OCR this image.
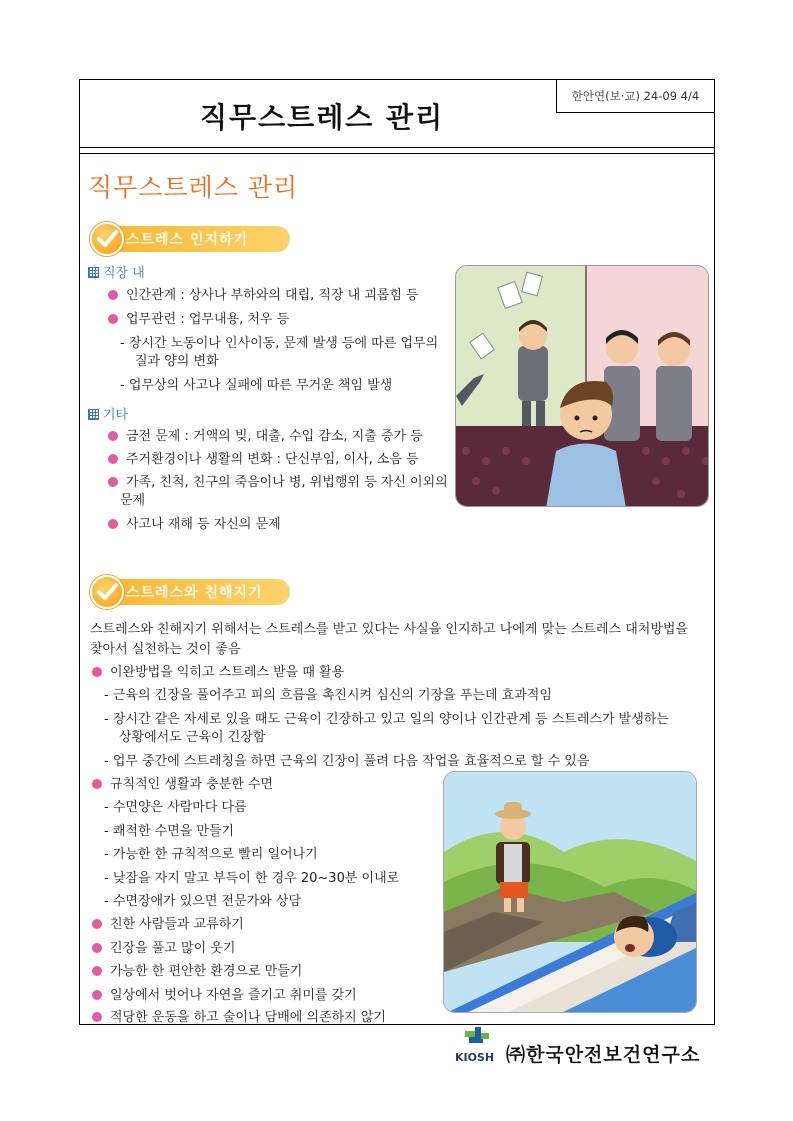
직무스트레스 관리
한안연(보·교) 24-09 4/4
직무스트레스 관리
스트레스 인지하기
직장 내
인간관계 : 상사나 부하와의 대립, 직장 내 괴롭힘 등
업무관련 : 업무내용, 처우 등
- 장시간 노동이나 인사이동, 문제 발생 등에 따른 업무의
질과 양의 변화
- 업무상의 사고나 실패에 따른 무거운 책임 발생
기타
금전 문제 : 거액의 빚, 대출, 수입 감소, 지출 증가 등
주거환경이나 생활의 변화 : 단신부임, 이사, 소음 등
가족, 친척, 친구의 죽음이나 병, 위법행위 등 자신 이외의
문제
사고나 재해 등 자신의 문제
스트레스와 친해지기
스트레스와 친해지기 위해서는 스트레스를 받고 있다는 사실을 인지하고 나에게 맞는 스트레스 대처방법을
찾아서 실천하는 것이 좋음
이완방법을 익히고 스트레스 받을 때 활용
- 근육의 긴장을 풀어주고 피의 흐름을 촉진시켜 심신의 기장을 푸는데 효과적임
- 장시간 같은 자세로 있을 때도 근육이 긴장하고 있고 일의 양이나 인간관계 등 스트레스가 발생하는
상황에서도 근육이 긴장함
- 업무 중간에 스트레칭을 하면 근육의 긴장이 풀려 다음 작업을 효율적으로 할 수 있음
규칙적인 생활과 충분한 수면
- 수면양은 사람마다 다름
- 쾌적한 수면을 만들기
- 가능한 한 규칙적으로 빨리 일어나기
- 낮잠을 자지 말고 부득이 한 경우 20~30분 이내로
- 수면장애가 있으면 전문가와 상담
친한 사람들과 교류하기
긴장을 풀고 많이 웃기
가능한 한 편안한 환경으로 만들기
일상에서 벗어나 자연을 즐기고 취미를 갖기
적당한 운동을 하고 술이나 담배에 의존하지 않기
KIOSH ㈜한국안전보건연구소
